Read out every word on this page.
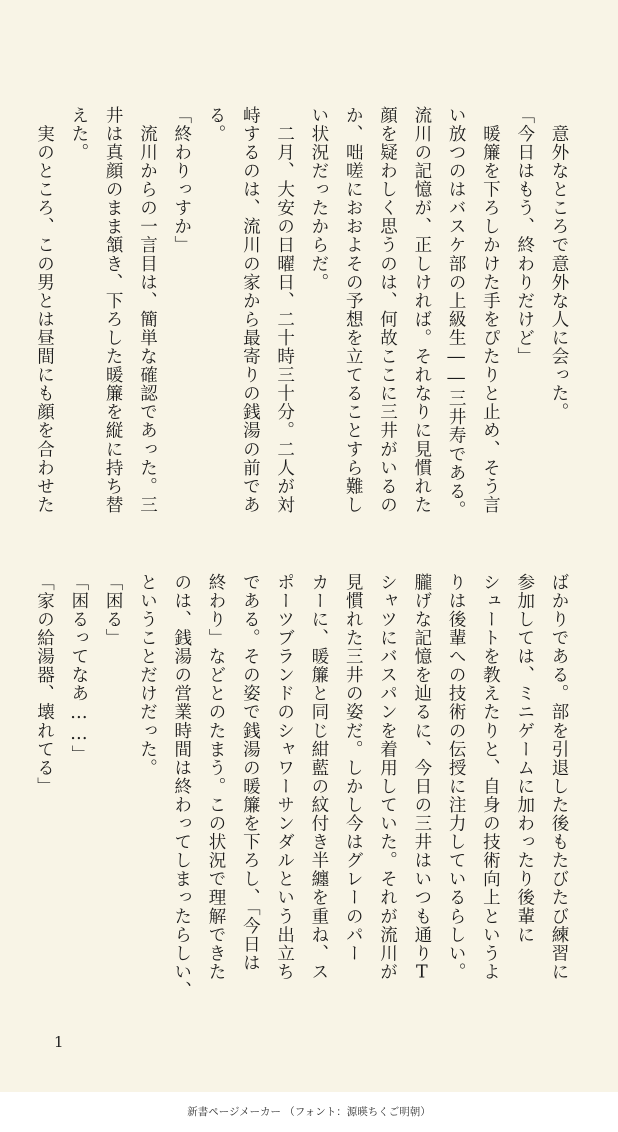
　意外なところで意外な人に会った。

「今日はもう、終わりだけど」

　暖簾を下ろしかけた手をぴたりと止め、そう言

い放つのはバスケ部の上級生――三井寿である。

流川の記憶が、正しければ。それなりに見慣れた

顔を疑わしく思うのは、何故ここに三井がいるの

か、咄嗟におおよその予想を立てることすら難し

い状況だったからだ。

　二月、大安の日曜日、二十時三十分。二人が対

峙するのは、流川の家から最寄りの銭湯の前であ

る。

「終わりっすか」

　流川からの一言目は、簡単な確認であった。三

井は真顔のまま頷き、下ろした暖簾を縦に持ち替

えた。

　実のところ、この男とは昼間にも顔を合わせた

ばかりである。部を引退した後もたびたび練習に

参加しては、ミニゲームに加わったり後輩に

シュートを教えたりと、自身の技術向上というよ

りは後輩への技術の伝授に注力しているらしい。

朧げな記憶を辿るに、今日の三井はいつも通りT

シャツにバスパンを着用していた。それが流川が

見慣れた三井の姿だ。しかし今はグレーのパー

カーに、暖簾と同じ紺藍の紋付き半纏を重ね、ス

ポーツブランドのシャワーサンダルという出立ち

である。その姿で銭湯の暖簾を下ろし、「今日は

終わり」などとのたまう。この状況で理解できた

のは、銭湯の営業時間は終わってしまったらしい、

ということだけだった。

「困る」

「困るってなあ……」

「家の給湯器、壊れてる」

1
新書ページメーカー （フォント：源暎ちくご明朝）
